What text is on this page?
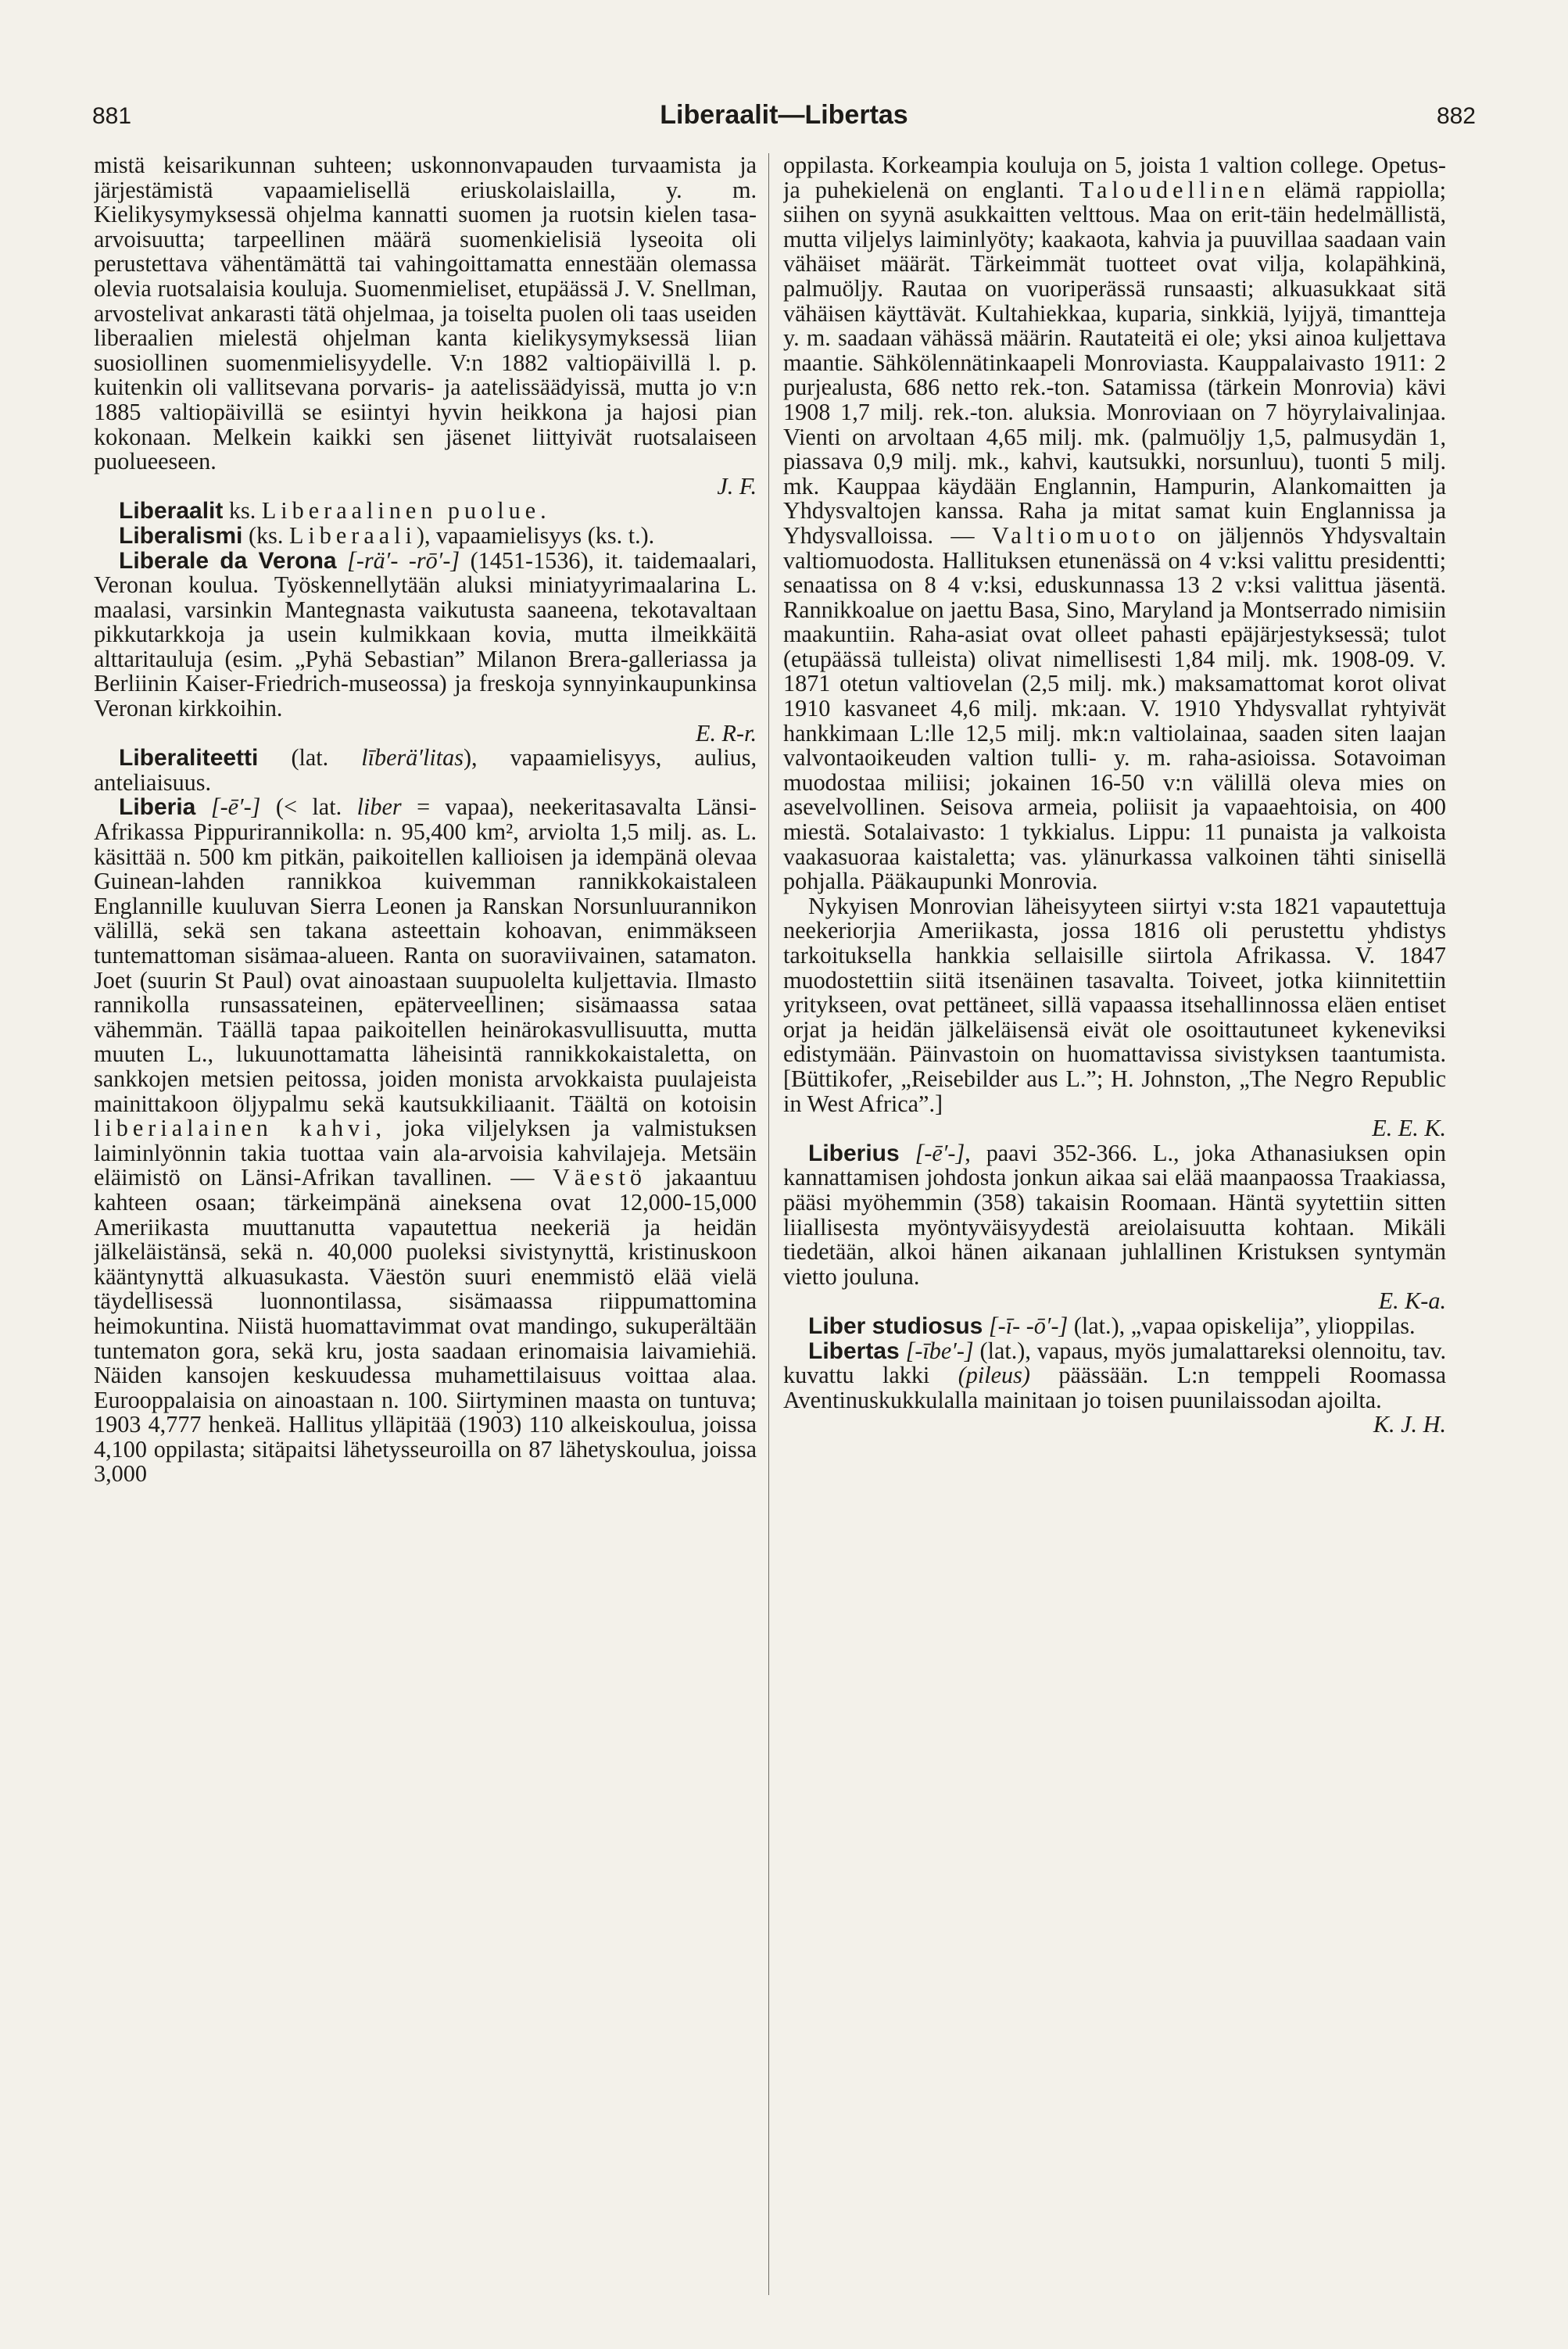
881	Liberaalit—Libertas	882

mistä keisarikunnan suhteen; uskonnonvapauden turvaamista ja järjestämistä vapaamielisellä eriuskolaislailla, y. m. Kielikysymyksessä ohjelma kannatti suomen ja ruotsin kielen tasa-arvoisuutta; tarpeellinen määrä suomenkielisiä lyseoita oli perustettava vähentämättä tai vahingoittamatta ennestään olemassa olevia ruotsalaisia kouluja. Suomenmieliset, etupäässä J. V. Snellman, arvostelivat ankarasti tätä ohjelmaa, ja toiselta puolen oli taas useiden liberaalien mielestä ohjelman kanta kielikysymyksessä liian suosiollinen suomenmielisyydelle. V:n 1882 valtiopäivillä l. p. kuitenkin oli vallitsevana porvaris- ja aatelissäädyissä, mutta jo v:n 1885 valtiopäivillä se esiintyi hyvin heikkona ja hajosi pian kokonaan. Melkein kaikki sen jäsenet liittyivät ruotsalaiseen puolueeseen.

J. F.

Liberaalit ks. Liberaalinen puolue.

Liberalismi (ks. Liberaali), vapaamielisyys (ks. t.).

Liberale da Verona [-rä′- -rō′-] (1451-1536), it. taidemaalari, Veronan koulua. Työskennellytään aluksi miniatyyrimaalarina L. maalasi, varsinkin Mantegnasta vaikutusta saaneena, tekotavaltaan pikkutarkkoja ja usein kulmikkaan kovia, mutta ilmeikkäitä alttaritauluja (esim. „Pyhä Sebastian” Milanon Brera-galleriassa ja Berliinin Kaiser-Friedrich-museossa) ja freskoja synnyinkaupunkinsa Veronan kirkkoihin.

E. R-r.

Liberaliteetti (lat. līberä′litas), vapaamielisyys, aulius, anteliaisuus.

Liberia [-ē′-] (< lat. liber = vapaa), neekeritasavalta Länsi-Afrikassa Pippurirannikolla: n. 95,400 km², arviolta 1,5 milj. as. L. käsittää n. 500 km pitkän, paikoitellen kallioisen ja idempänä olevaa Guinean-lahden rannikkoa kuivemman rannikkokaistaleen Englannille kuuluvan Sierra Leonen ja Ranskan Norsunluurannikon välillä, sekä sen takana asteettain kohoavan, enimmäkseen tuntemattoman sisämaa-alueen. Ranta on suoraviivainen, satamaton. Joet (suurin St Paul) ovat ainoastaan suupuolelta kuljettavia. Ilmasto rannikolla runsassateinen, epäterveellinen; sisämaassa sataa vähemmän. Täällä tapaa paikoitellen heinärokasvullisuutta, mutta muuten L., lukuunottamatta läheisintä rannikkokaistaletta, on sankkojen metsien peitossa, joiden monista arvokkaista puulajeista mainittakoon öljypalmu sekä kautsukkiliaanit. Täältä on kotoisin liberialainen kahvi, joka viljelyksen ja valmistuksen laiminlyönnin takia tuottaa vain ala-arvoisia kahvilajeja. Metsäin eläimistö on Länsi-Afrikan tavallinen. — Väestö jakaantuu kahteen osaan; tärkeimpänä aineksena ovat 12,000-15,000 Ameriikasta muuttanutta vapautettua neekeriä ja heidän jälkeläistänsä, sekä n. 40,000 puoleksi sivistynyttä, kristinuskoon kääntynyttä alkuasukasta. Väestön suuri enemmistö elää vielä täydellisessä luonnontilassa, sisämaassa riippumattomina heimokuntina. Niistä huomattavimmat ovat mandingo, sukuperältään tuntematon gora, sekä kru, josta saadaan erinomaisia laivamiehiä. Näiden kansojen keskuudessa muhamettilaisuus voittaa alaa. Eurooppalaisia on ainoastaan n. 100. Siirtyminen maasta on tuntuva; 1903 4,777 henkeä. Hallitus ylläpitää (1903) 110 alkeiskoulua, joissa 4,100 oppilasta; sitäpaitsi lähetysseuroilla on 87 lähetyskoulua, joissa 3,000

oppilasta. Korkeampia kouluja on 5, joista 1 valtion college. Opetus- ja puhekielenä on englanti. Taloudellinen elämä rappiolla; siihen on syynä asukkaitten velttous. Maa on erit-täin hedelmällistä, mutta viljelys laiminlyöty; kaakaota, kahvia ja puuvillaa saadaan vain vähäiset määrät. Tärkeimmät tuotteet ovat vilja, kolapähkinä, palmuöljy. Rautaa on vuoriperässä runsaasti; alkuasukkaat sitä vähäisen käyttävät. Kultahiekkaa, kuparia, sinkkiä, lyijyä, timantteja y. m. saadaan vähässä määrin. Rautateitä ei ole; yksi ainoa kuljettava maantie. Sähkölennätinkaapeli Monroviasta. Kauppalaivasto 1911: 2 purjealusta, 686 netto rek.-ton. Satamissa (tärkein Monrovia) kävi 1908 1,7 milj. rek.-ton. aluksia. Monroviaan on 7 höyrylaivalinjaa. Vienti on arvoltaan 4,65 milj. mk. (palmuöljy 1,5, palmusydän 1, piassava 0,9 milj. mk., kahvi, kautsukki, norsunluu), tuonti 5 milj. mk. Kauppaa käydään Englannin, Hampurin, Alankomaitten ja Yhdysvaltojen kanssa. Raha ja mitat samat kuin Englannissa ja Yhdysvalloissa. — Valtiomuoto on jäljennös Yhdysvaltain valtiomuodosta. Hallituksen etunenässä on 4 v:ksi valittu presidentti; senaatissa on 8 4 v:ksi, eduskunnassa 13 2 v:ksi valittua jäsentä. Rannikkoalue on jaettu Basa, Sino, Maryland ja Montserrado nimisiin maakuntiin. Raha-asiat ovat olleet pahasti epäjärjestyksessä; tulot (etupäässä tulleista) olivat nimellisesti 1,84 milj. mk. 1908-09. V. 1871 otetun valtiovelan (2,5 milj. mk.) maksamattomat korot olivat 1910 kasvaneet 4,6 milj. mk:aan. V. 1910 Yhdysvallat ryhtyivät hankkimaan L:lle 12,5 milj. mk:n valtiolainaa, saaden siten laajan valvontaoikeuden valtion tulli- y. m. raha-asioissa. Sotavoiman muodostaa miliisi; jokainen 16-50 v:n välillä oleva mies on asevelvollinen. Seisova armeia, poliisit ja vapaaehtoisia, on 400 miestä. Sotalaivasto: 1 tykkialus. Lippu: 11 punaista ja valkoista vaakasuoraa kaistaletta; vas. ylänurkassa valkoinen tähti sinisellä pohjalla. Pääkaupunki Monrovia.

Nykyisen Monrovian läheisyyteen siirtyi v:sta 1821 vapautettuja neekeriorjia Ameriikasta, jossa 1816 oli perustettu yhdistys tarkoituksella hankkia sellaisille siirtola Afrikassa. V. 1847 muodostettiin siitä itsenäinen tasavalta. Toiveet, jotka kiinnitettiin yritykseen, ovat pettäneet, sillä vapaassa itsehallinnossa eläen entiset orjat ja heidän jälkeläisensä eivät ole osoittautuneet kykeneviksi edistymään. Päinvastoin on huomattavissa sivistyksen taantumista. [Büttikofer, „Reisebilder aus L.”; H. Johnston, „The Negro Republic in West Africa”.]

E. E. K.

Liberius [-ē′-], paavi 352-366. L., joka Athanasiuksen opin kannattamisen johdosta jonkun aikaa sai elää maanpaossa Traakiassa, pääsi myöhemmin (358) takaisin Roomaan. Häntä syytettiin sitten liiallisesta myöntyväisyydestä areiolaisuutta kohtaan. Mikäli tiedetään, alkoi hänen aikanaan juhlallinen Kristuksen syntymän vietto jouluna.

E. K-a.

Liber studiosus [-ī- -ō′-] (lat.), „vapaa opiskelija”, ylioppilas.

Libertas [-ībe′-] (lat.), vapaus, myös jumalattareksi olennoitu, tav. kuvattu lakki (pileus) päässään. L:n temppeli Roomassa Aventinuskukkulalla mainitaan jo toisen puunilaissodan ajoilta.

K. J. H.
